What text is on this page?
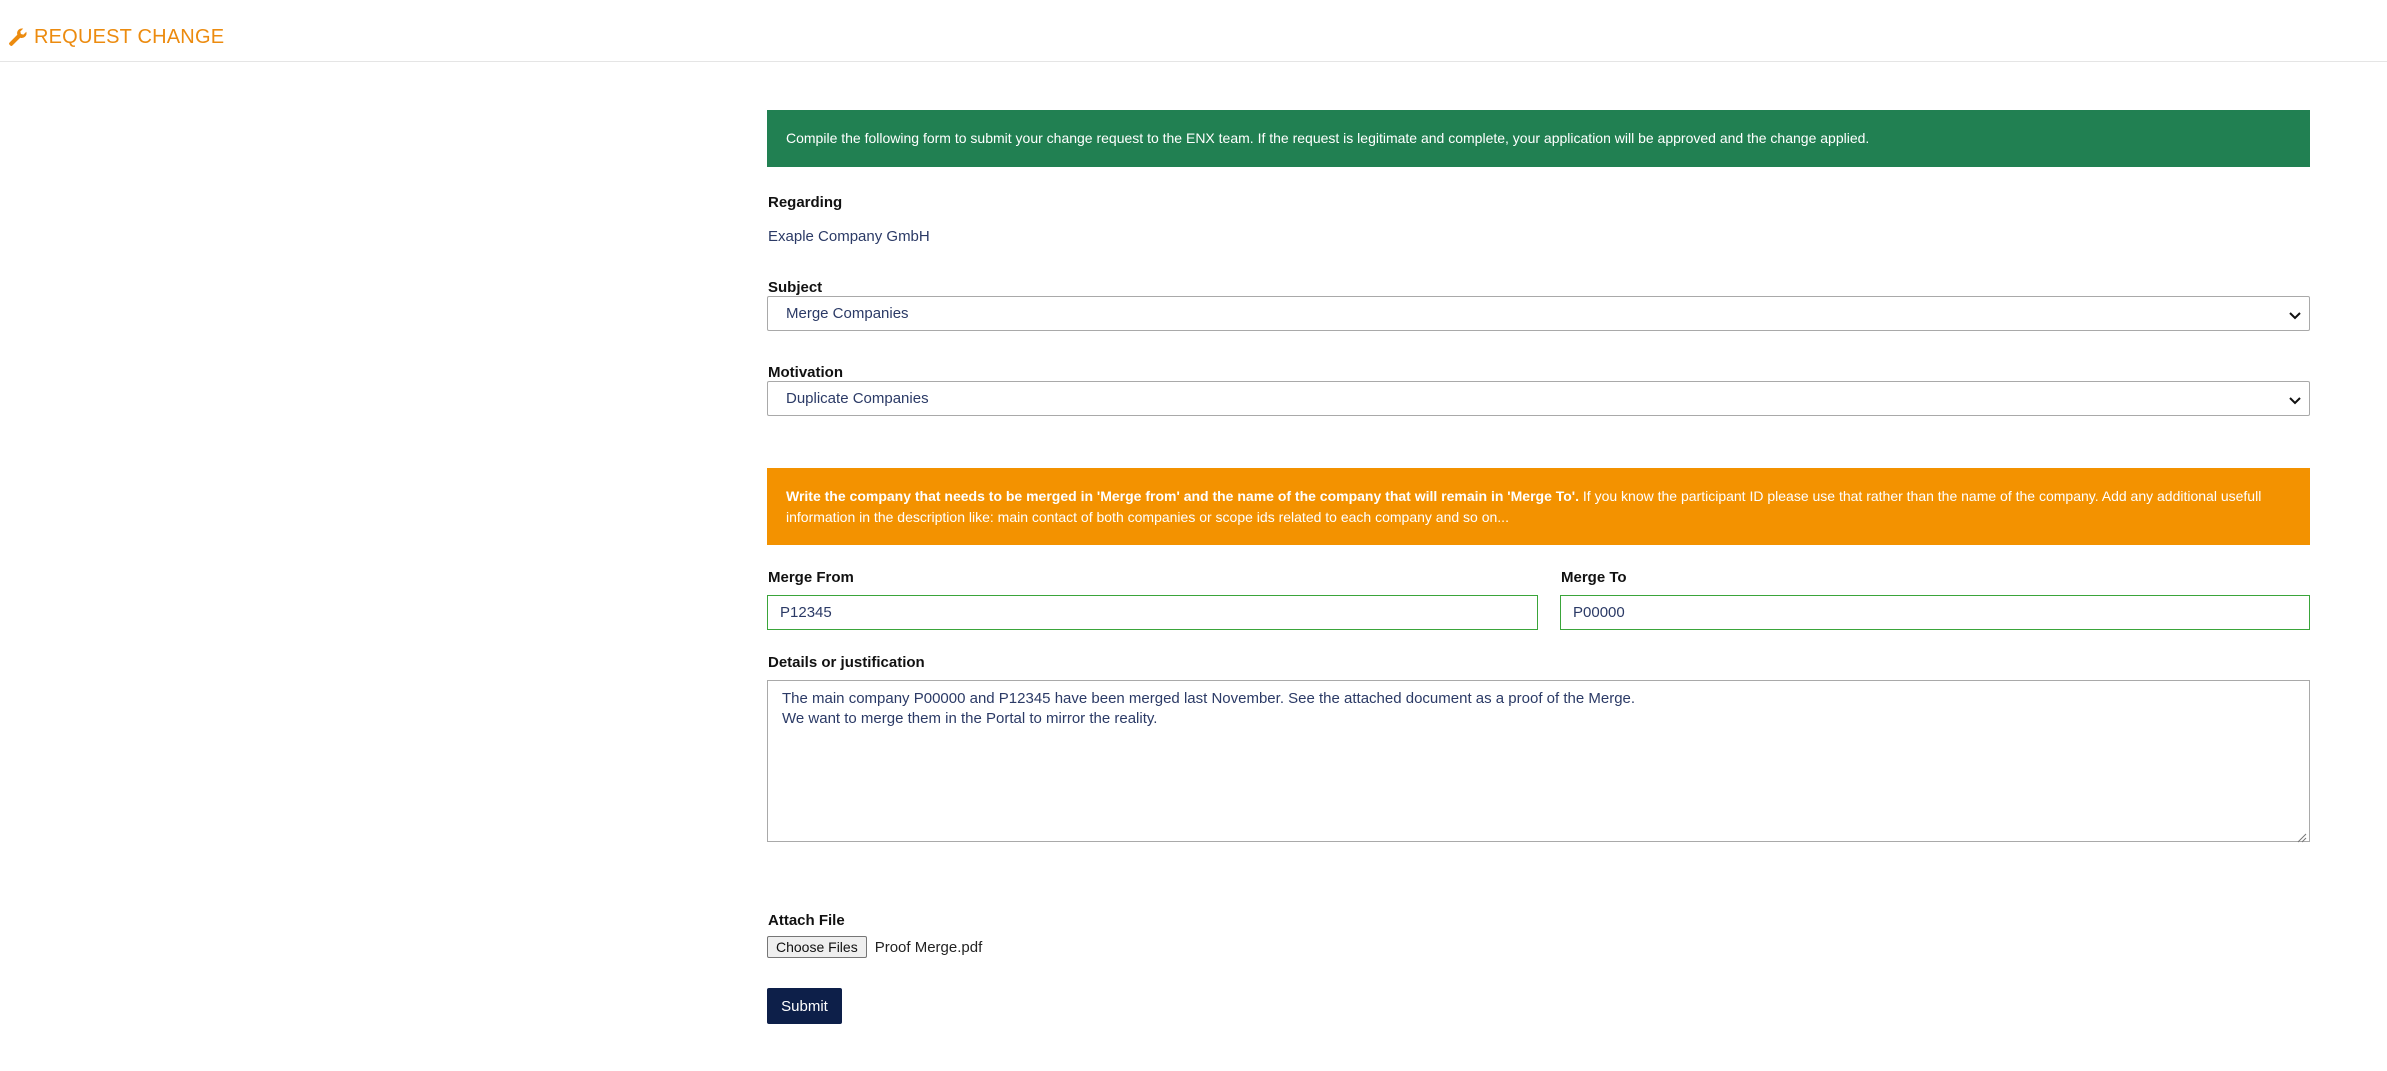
REQUEST CHANGE
Compile the following form to submit your change request to the ENX team. If the request is legitimate and complete, your application will be approved and the change applied.
Regarding
Exaple Company GmbH
Subject
Merge Companies
Motivation
Duplicate Companies
Write the company that needs to be merged in 'Merge from' and the name of the company that will remain in 'Merge To'. If you know the participant ID please use that rather than the name of the company. Add any additional usefull information in the description like: main contact of both companies or scope ids related to each company and so on...
Merge From
P12345
Merge To
P00000
Details or justification
The main company P00000 and P12345 have been merged last November. See the attached document as a proof of the Merge.
We want to merge them in the Portal to mirror the reality.
Attach File
Choose Files	Proof Merge.pdf
Submit
